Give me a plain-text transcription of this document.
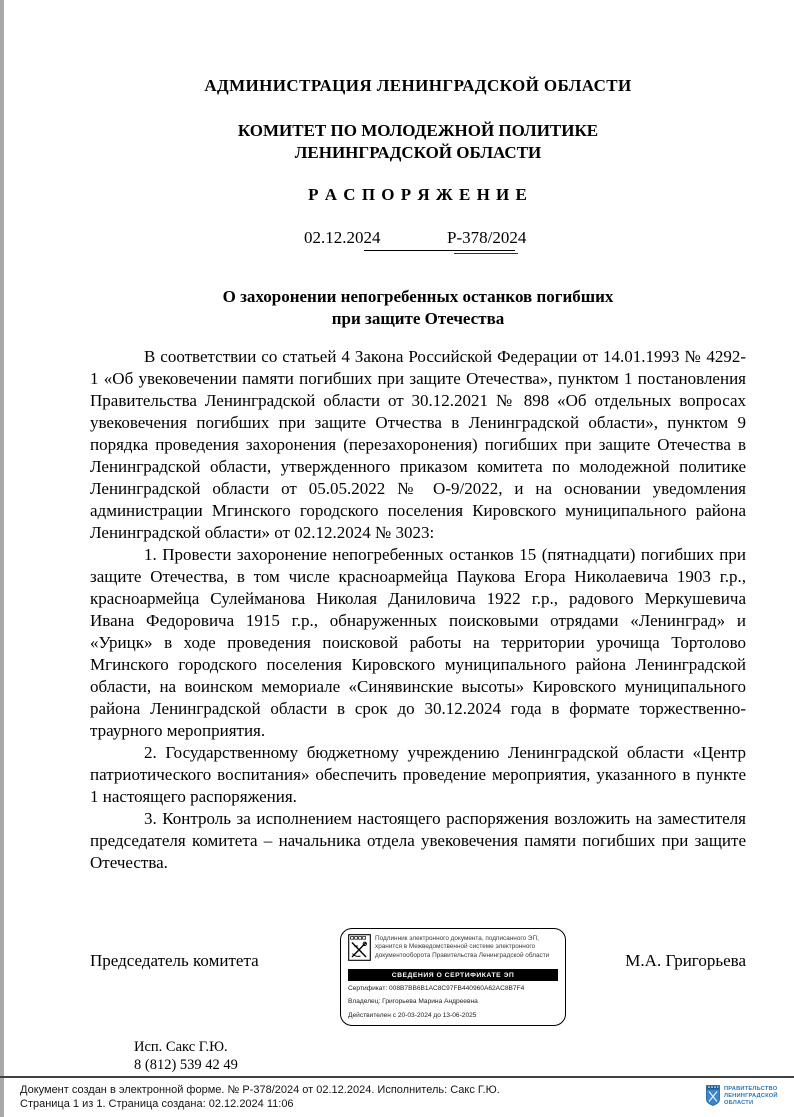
АДМИНИСТРАЦИЯ ЛЕНИНГРАДСКОЙ ОБЛАСТИ
КОМИТЕТ ПО МОЛОДЕЖНОЙ ПОЛИТИКЕ
ЛЕНИНГРАДСКОЙ ОБЛАСТИ
Р А С П О Р Я Ж Е Н И Е
02.12.2024	Р-378/2024
О захоронении непогребенных останков погибших
при защите Отечества

В соответствии со статьей 4 Закона Российской Федерации от 14.01.1993 № 4292-1 «Об увековечении памяти погибших при защите Отечества», пунктом 1 постановления Правительства Ленинградской области от 30.12.2021 № 898 «Об отдельных вопросах увековечения погибших при защите Отчества в Ленинградской области», пунктом 9 порядка проведения захоронения (перезахоронения) погибших при защите Отечества в Ленинградской области, утвержденного приказом комитета по молодежной политике Ленинградской области от 05.05.2022 № О-9/2022, и на основании уведомления администрации Мгинского городского поселения Кировского муниципального района Ленинградской области» от 02.12.2024 № 3023:

1. Провести захоронение непогребенных останков 15 (пятнадцати) погибших при защите Отечества, в том числе красноармейца Паукова Егора Николаевича 1903 г.р., красноармейца Сулейманова Николая Даниловича 1922 г.р., радового Меркушевича Ивана Федоровича 1915 г.р., обнаруженных поисковыми отрядами «Ленинград» и «Урицк» в ходе проведения поисковой работы на территории урочища Тортолово Мгинского городского поселения Кировского муниципального района Ленинградской области, на воинском мемориале «Синявинские высоты» Кировского муниципального района Ленинградской области в срок до 30.12.2024 года в формате торжественно-траурного мероприятия.

2. Государственному бюджетному учреждению Ленинградской области «Центр патриотического воспитания» обеспечить проведение мероприятия, указанного в пункте 1 настоящего распоряжения.

3. Контроль за исполнением настоящего распоряжения возложить на заместителя председателя комитета – начальника отдела увековечения памяти погибших при защите Отечества.

Председатель комитета	М.А. Григорьева
Подлинник электронного документа, подписанного ЭП, хранится в Межведомственной системе электронного документооборота Правительства Ленинградской области
СВЕДЕНИЯ О СЕРТИФИКАТЕ ЭП
Сертификат: 008B7BB6B1AC8C97FB440960A62AC8B7F4
Владелец: Григорьева Марина Андреевна
Действителен с 20-03-2024 до 13-06-2025
Исп. Сакс Г.Ю.
8 (812) 539 42 49
Документ создан в электронной форме. № Р-378/2024 от 02.12.2024. Исполнитель: Сакс Г.Ю.
Страница 1 из 1. Страница создана: 02.12.2024 11:06
ПРАВИТЕЛЬСТВО
ЛЕНИНГРАДСКОЙ
ОБЛАСТИ
